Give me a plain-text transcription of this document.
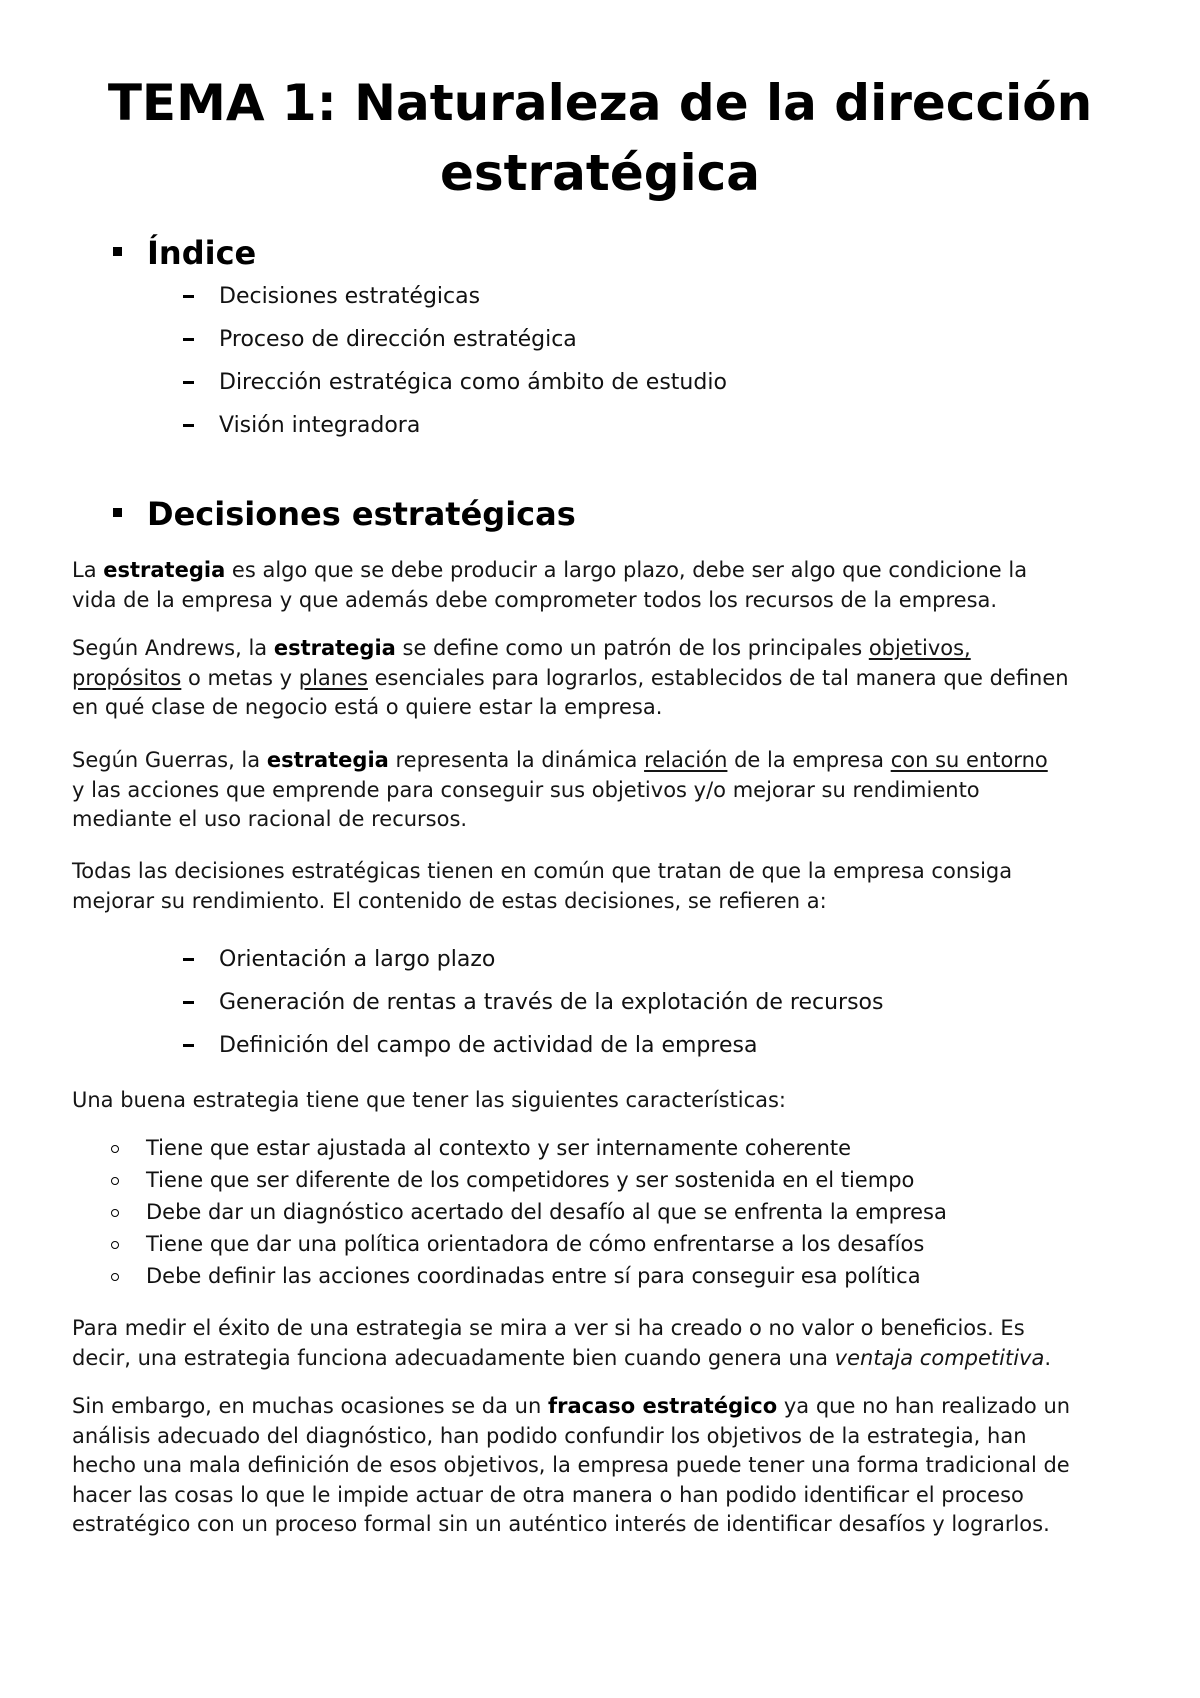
TEMA 1: Naturaleza de la dirección estratégica
Índice
Decisiones estratégicas
Proceso de dirección estratégica
Dirección estratégica como ámbito de estudio
Visión integradora
Decisiones estratégicas

La estrategia es algo que se debe producir a largo plazo, debe ser algo que condicione la
vida de la empresa y que además debe comprometer todos los recursos de la empresa.

Según Andrews, la estrategia se define como un patrón de los principales objetivos,
propósitos o metas y planes esenciales para lograrlos, establecidos de tal manera que definen
en qué clase de negocio está o quiere estar la empresa.

Según Guerras, la estrategia representa la dinámica relación de la empresa con su entorno
y las acciones que emprende para conseguir sus objetivos y/o mejorar su rendimiento
mediante el uso racional de recursos.

Todas las decisiones estratégicas tienen en común que tratan de que la empresa consiga
mejorar su rendimiento. El contenido de estas decisiones, se refieren a:

Orientación a largo plazo
Generación de rentas a través de la explotación de recursos
Definición del campo de actividad de la empresa

Una buena estrategia tiene que tener las siguientes características:

Tiene que estar ajustada al contexto y ser internamente coherente
Tiene que ser diferente de los competidores y ser sostenida en el tiempo
Debe dar un diagnóstico acertado del desafío al que se enfrenta la empresa
Tiene que dar una política orientadora de cómo enfrentarse a los desafíos
Debe definir las acciones coordinadas entre sí para conseguir esa política

Para medir el éxito de una estrategia se mira a ver si ha creado o no valor o beneficios. Es
decir, una estrategia funciona adecuadamente bien cuando genera una ventaja competitiva.

Sin embargo, en muchas ocasiones se da un fracaso estratégico ya que no han realizado un
análisis adecuado del diagnóstico, han podido confundir los objetivos de la estrategia, han
hecho una mala definición de esos objetivos, la empresa puede tener una forma tradicional de
hacer las cosas lo que le impide actuar de otra manera o han podido identificar el proceso
estratégico con un proceso formal sin un auténtico interés de identificar desafíos y lograrlos.
